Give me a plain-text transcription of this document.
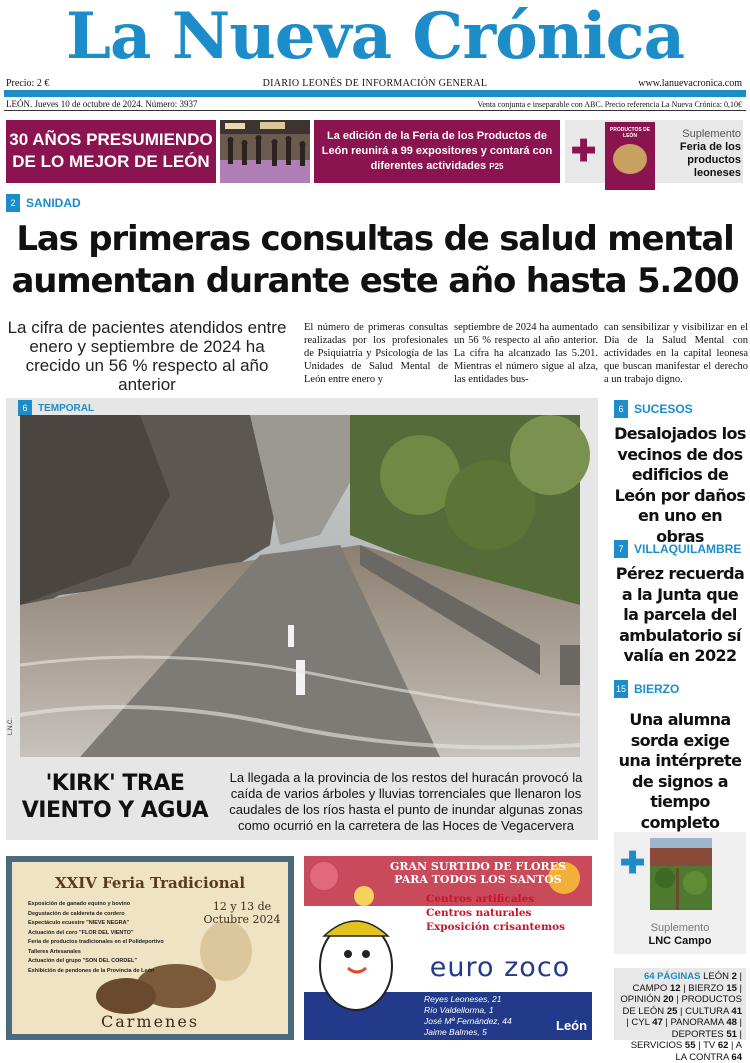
La Nueva Crónica
Precio: 2 €	DIARIO LEONÉS DE INFORMACIÓN GENERAL	www.lanuevacronica.com
LEÓN. Jueves 10 de octubre de 2024. Número: 3937	Venta conjunta e inseparable con ABC. Precio referencia La Nueva Crónica: 0,10€
30 AÑOS PRESUMIENDO DE LO MEJOR DE LEÓN
La edición de la Feria de los Productos de León reunirá a 99 expositores y contará con diferentes actividades P25	✚
PRODUCTOS DE LEÓN	Suplemento
Feria de los productos leoneses
2 SANIDAD
Las primeras consultas de salud mental aumentan durante este año hasta 5.200
La cifra de pacientes atendidos entre enero y septiembre de 2024 ha crecido un 56 % respecto al año anterior
El número de primeras consultas realizadas por los profesionales de Psiquiatría y Psicología de las Unidades de Salud Mental de León entre enero y
septiembre de 2024 ha aumentado un 56 % respecto al año anterior. La cifra ha alcanzado las 5.201. Mientras el número sigue al alza, las entidades bus-
can sensibilizar y visibilizar en el Día de la Salud Mental con actividades en la capital leonesa que buscan manifestar el derecho a un trabajo digno.
6	TEMPORAL
L.N.C.
'KIRK' TRAE VIENTO Y AGUA
La llegada a la provincia de los restos del huracán provocó la caída de varios árboles y lluvias torrenciales que llenaron los caudales de los ríos hasta el punto de inundar algunas zonas como ocurrió en la carretera de las Hoces de Vegacervera
6 SUCESOS
Desalojados los vecinos de dos edificios de León por daños en uno en obras
7 VILLAQUILAMBRE
Pérez recuerda a la Junta que la parcela del ambulatorio sí valía en 2022
15 BIERZO
Una alumna sorda exige una intérprete de signos a tiempo completo
✚
Suplemento
LNC Campo
64 PÁGINAS LEÓN 2 | CAMPO 12 | BIERZO 15 | OPINIÓN 20 | PRODUCTOS DE LEÓN 25 | CULTURA 41 | CYL 47 | PANORAMA 48 | DEPORTES 51 | SERVICIOS 55 | TV 62 | A LA CONTRA 64
XXIV Feria Tradicional
12 y 13 de Octubre 2024
Exposición de ganado equino y bovino
Degustación de caldereta de cordero
Espectáculo ecuestre "NIEVE NEGRA"
Actuación del coro "FLOR DEL VIENTO"
Feria de productos tradicionales en el Polideportivo
Talleres Artesanales
Actuación del grupo "SON DEL CORDEL"
Exhibición de pendones de la Provincia de León
Carmenes
GRAN SURTIDO DE FLORES
PARA TODOS LOS SANTOS
Centros artificales
Centros naturales
Exposición crisantemos
euro zoco
Reyes Leoneses, 21
Río Valdellorma, 1
José Mª Fernández, 44
Jaime Balmes, 5	León
